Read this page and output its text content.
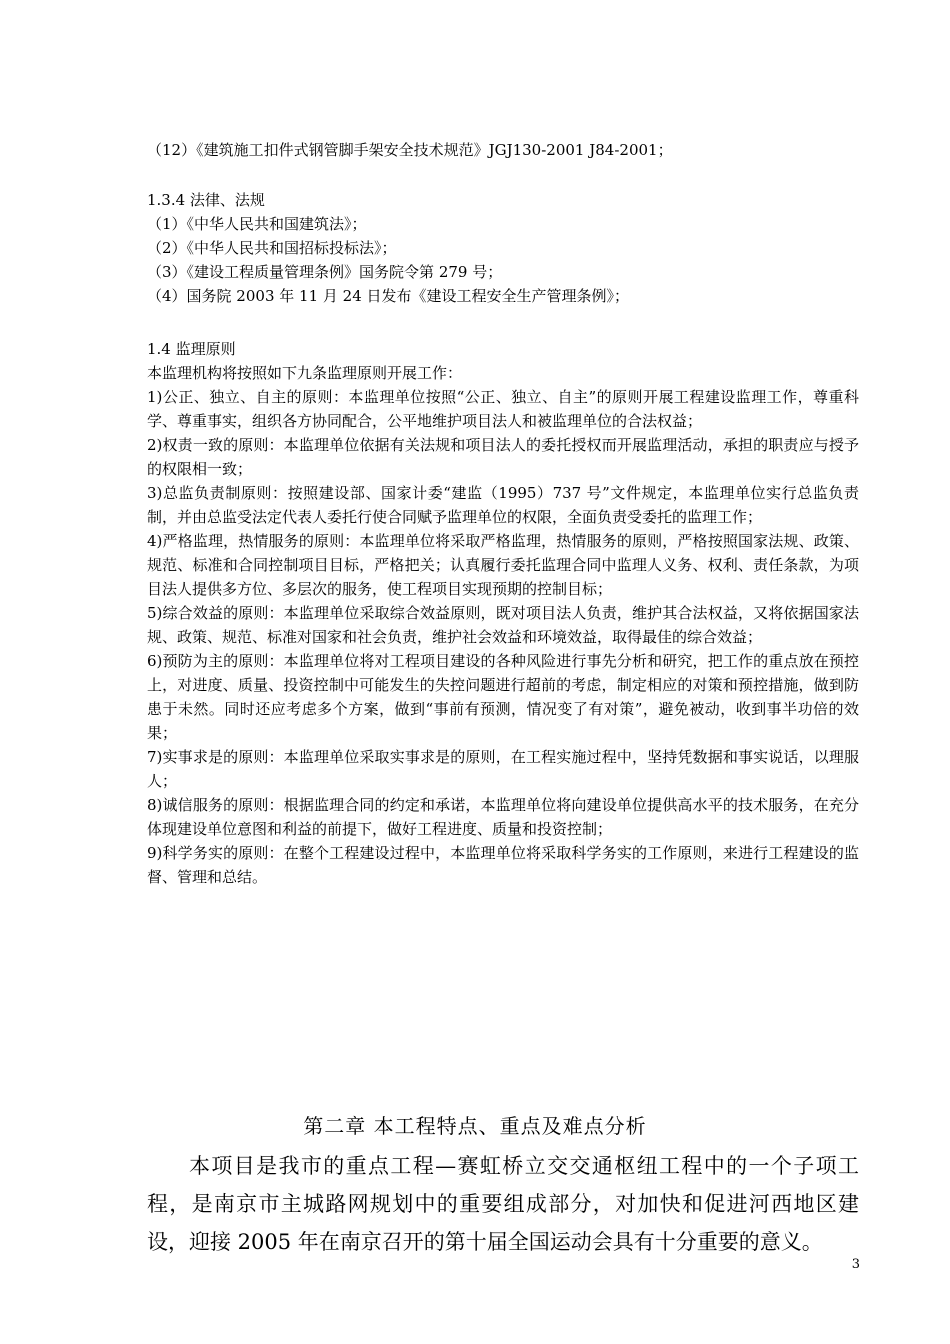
（12）《建筑施工扣件式钢管脚手架安全技术规范》JGJ130-2001 J84-2001；

1.3.4 法律、法规

（1）《中华人民共和国建筑法》；

（2）《中华人民共和国招标投标法》；

（3）《建设工程质量管理条例》国务院令第 279 号；

（4）国务院 2003 年 11 月 24 日发布《建设工程安全生产管理条例》；

1.4 监理原则

本监理机构将按照如下九条监理原则开展工作：

1)公正、独立、自主的原则：本监理单位按照“公正、独立、自主”的原则开展工程建设监理工作，尊重科学、尊重事实，组织各方协同配合，公平地维护项目法人和被监理单位的合法权益；

2)权责一致的原则：本监理单位依据有关法规和项目法人的委托授权而开展监理活动，承担的职责应与授予的权限相一致；

3)总监负责制原则：按照建设部、国家计委“建监（1995）737 号”文件规定，本监理单位实行总监负责制，并由总监受法定代表人委托行使合同赋予监理单位的权限，全面负责受委托的监理工作；

4)严格监理，热情服务的原则：本监理单位将采取严格监理，热情服务的原则，严格按照国家法规、政策、规范、标准和合同控制项目目标，严格把关；认真履行委托监理合同中监理人义务、权利、责任条款，为项目法人提供多方位、多层次的服务，使工程项目实现预期的控制目标；

5)综合效益的原则：本监理单位采取综合效益原则，既对项目法人负责，维护其合法权益，又将依据国家法规、政策、规范、标准对国家和社会负责，维护社会效益和环境效益，取得最佳的综合效益；

6)预防为主的原则：本监理单位将对工程项目建设的各种风险进行事先分析和研究，把工作的重点放在预控上，对进度、质量、投资控制中可能发生的失控问题进行超前的考虑，制定相应的对策和预控措施，做到防患于未然。同时还应考虑多个方案，做到“事前有预测，情况变了有对策”，避免被动，收到事半功倍的效果；

7)实事求是的原则：本监理单位采取实事求是的原则，在工程实施过程中，坚持凭数据和事实说话，以理服人；

8)诚信服务的原则：根据监理合同的约定和承诺，本监理单位将向建设单位提供高水平的技术服务，在充分体现建设单位意图和利益的前提下，做好工程进度、质量和投资控制；

9)科学务实的原则：在整个工程建设过程中，本监理单位将采取科学务实的工作原则，来进行工程建设的监督、管理和总结。

第二章 本工程特点、重点及难点分析

本项目是我市的重点工程—赛虹桥立交交通枢纽工程中的一个子项工程，是南京市主城路网规划中的重要组成部分，对加快和促进河西地区建设，迎接 2005 年在南京召开的第十届全国运动会具有十分重要的意义。

3
